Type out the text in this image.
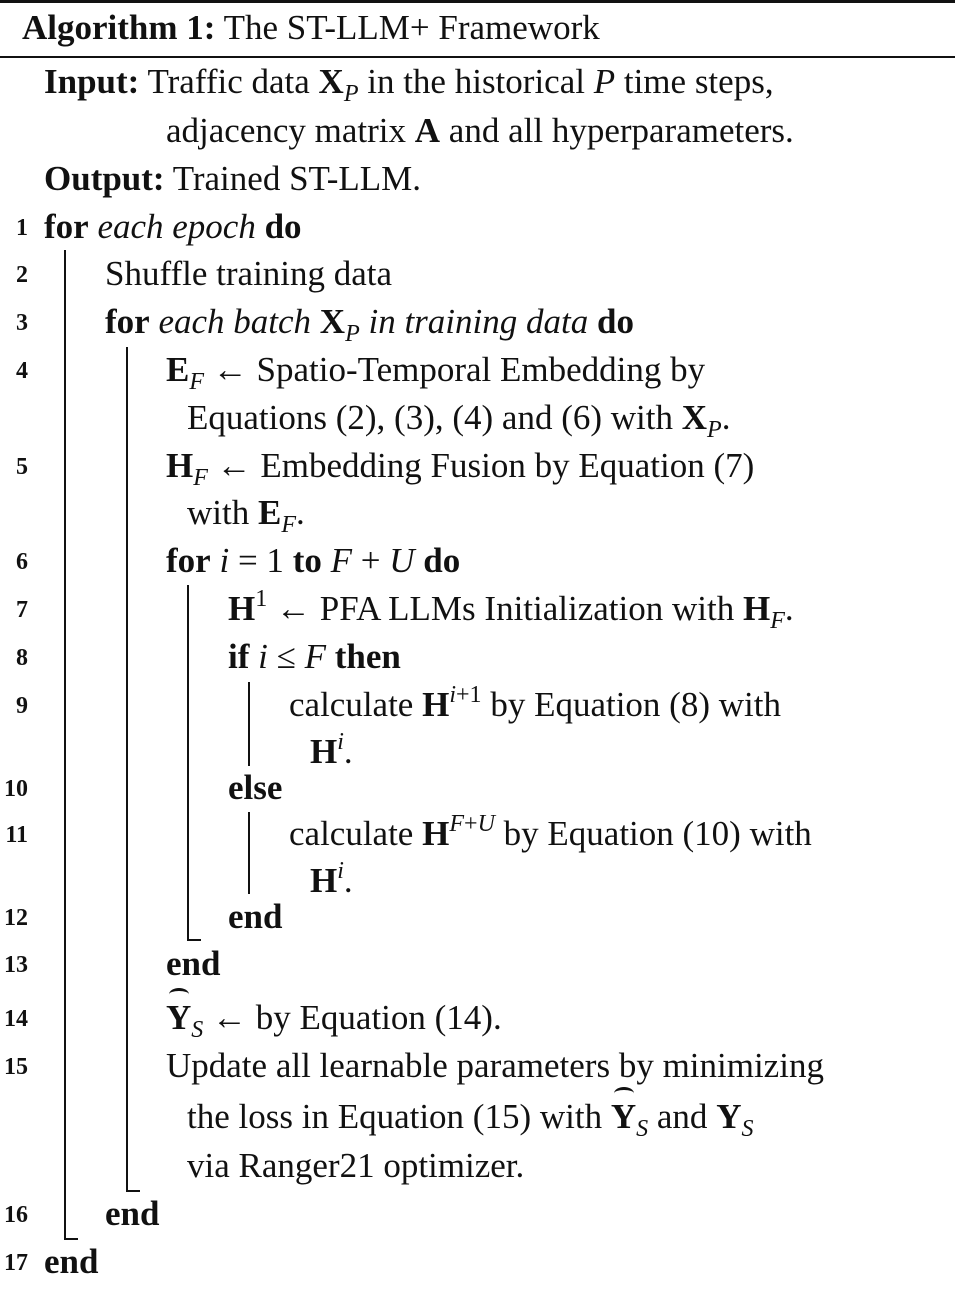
Algorithm 1: The ST-LLM+ Framework
Input: Traffic data $X_P$ in the historical P time steps,
adjacency matrix A and all hyperparameters.
Output: Trained ST-LLM.
1 for each epoch do
2 Shuffle training data
3 for each batch $X_P$ in training data do
4	$E_F$ ← Spatio-Temporal Embedding by
Equations (2), (3), (4) and (6) with $X_P$.
5	$H_F$ ← Embedding Fusion by Equation (7)
with $E_F$.
6	for i = 1 to F + U do
7	$H^1$ ← PFA LLMs Initialization with $H_F$.
8	if i ≤ F then
9	calculate $H^{i+1}$ by Equation (8) with
$H^i$.
10	else
11	calculate $H^{F+U}$ by Equation (10) with
$H^i$.
12	end
13	end
14	$Y_S$ ← by Equation (14).
15	Update all learnable parameters by minimizing
the loss in Equation (15) with $Y_S$ and $Y_S$
via Ranger21 optimizer.
16 end
17 end
